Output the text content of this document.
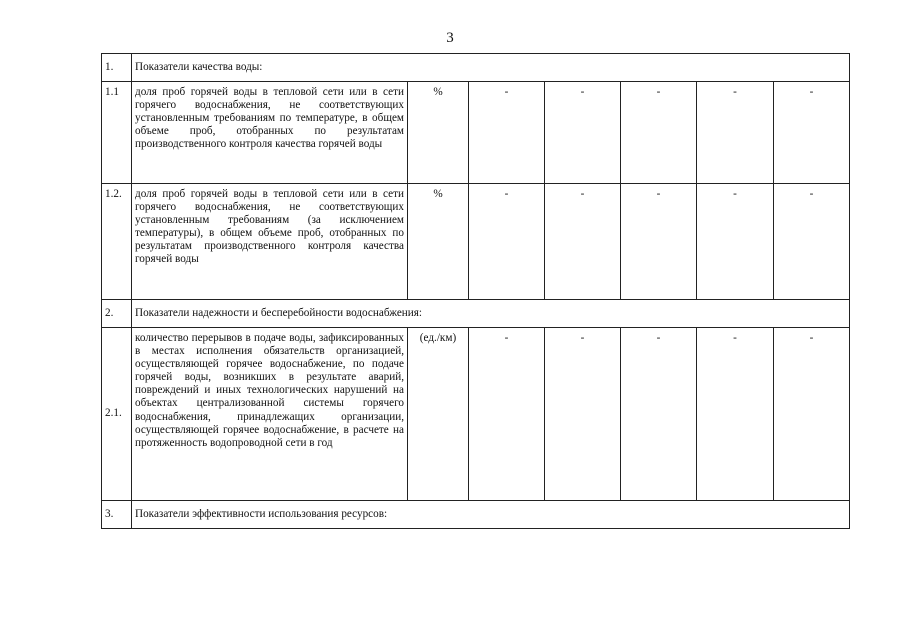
3
1.	Показатели качества воды:						
1.1	доля проб горячей воды в тепловой сети или в сети горячего водоснабжения, не соответствующих установленным требованиям по температуре, в общем объеме проб, отобранных по результатам производственного контроля качества горячей воды	%	-	-	-	-	-
1.2.	доля проб горячей воды в тепловой сети или в сети горячего водоснабжения, не соответствующих установленным требованиям (за исключением температуры), в общем объеме проб, отобранных по результатам производственного контроля качества горячей воды	%	-	-	-	-	-
2.	Показатели надежности и бесперебойности водоснабжения:						
2.1.	количество перерывов в подаче воды, зафиксированных в местах исполнения обязательств организацией, осуществляющей горячее водоснабжение, по подаче горячей воды, возникших в результате аварий, повреждений и иных технологических нарушений на объектах централизованной системы горячего водоснабжения, принадлежащих организации, осуществляющей горячее водоснабжение, в расчете на протяженность водопроводной сети в год	(ед./км)	-	-	-	-	-
3.	Показатели эффективности использования ресурсов:						
